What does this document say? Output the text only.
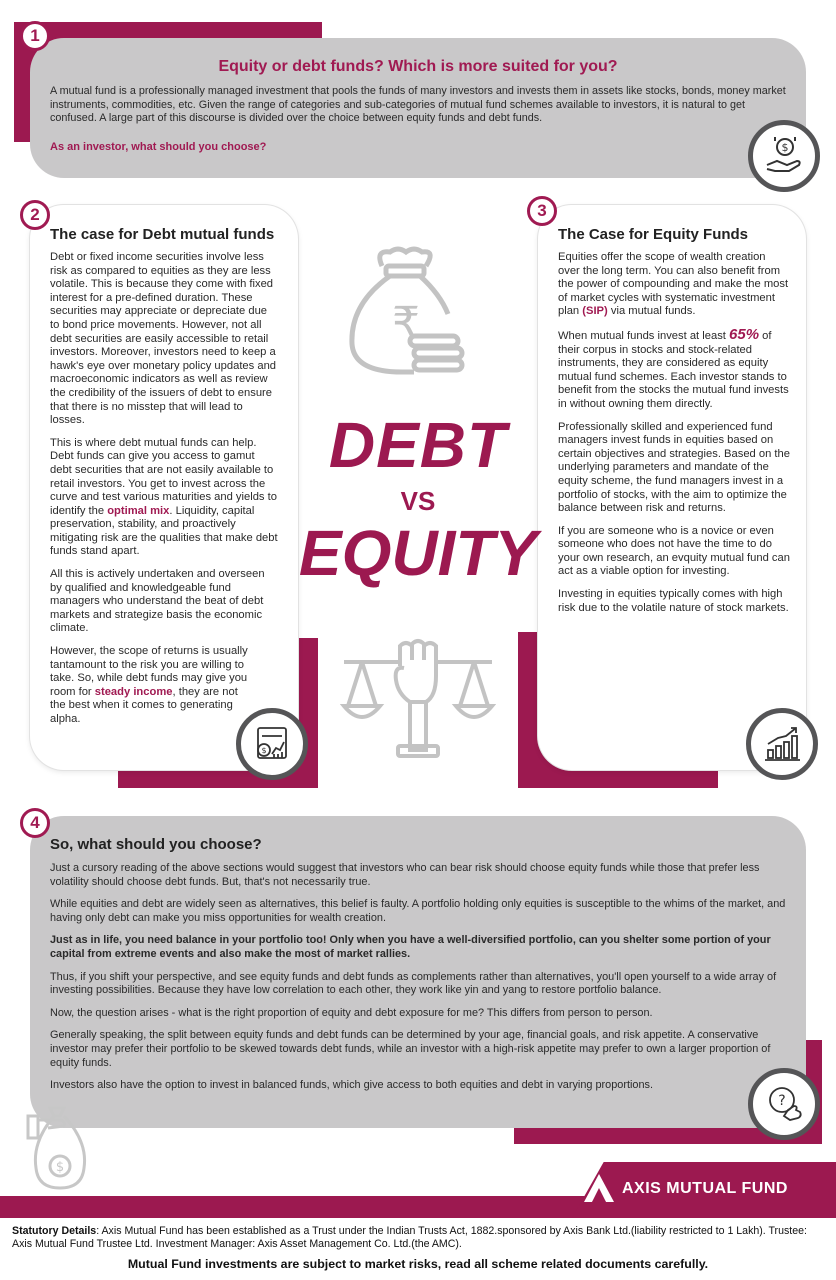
1
Equity or debt funds? Which is more suited for you?

A mutual fund is a professionally managed investment that pools the funds of many investors and invests them in assets like stocks, bonds, money market instruments, commodities, etc. Given the range of categories and sub-categories of mutual fund schemes available to investors, it is natural to get confused. A large part of this discourse is divided over the choice between equity funds and debt funds.

As an investor, what should you choose?	$
2
The case for Debt mutual funds

Debt or fixed income securities involve less risk as compared to equities as they are less volatile. This is because they come with fixed interest for a pre-defined duration. These securities may appreciate or depreciate due to bond price movements. However, not all debt securities are easily accessible to retail investors. Moreover, investors need to keep a hawk's eye over monetary policy updates and macroeconomic indicators as well as review the credibility of the issuers of debt to ensure that there is no misstep that will lead to losses.

This is where debt mutual funds can help. Debt funds can give you access to gamut debt securities that are not easily available to retail investors. You get to invest across the curve and test various maturities and yields to identify the optimal mix. Liquidity, capital preservation, stability, and proactively mitigating risk are the qualities that make debt funds stand apart.

All this is actively undertaken and overseen by qualified and knowledgeable fund managers who understand the beat of debt markets and strategize basis the economic climate.

However, the scope of returns is usually tantamount to the risk you are willing to take. So, while debt funds may give you room for steady income, they are not the best when it comes to generating alpha.

$
3
The Case for Equity Funds

Equities offer the scope of wealth creation over the long term. You can also benefit from the power of compounding and make the most of market cycles with systematic investment plan (SIP) via mutual funds.

When mutual funds invest at least 65% of their corpus in stocks and stock-related instruments, they are considered as equity mutual fund schemes. Each investor stands to benefit from the stocks the mutual fund invests in without owning them directly.

Professionally skilled and experienced fund managers invest funds in equities based on certain objectives and strategies. Based on the underlying parameters and mandate of the equity scheme, the fund managers invest in a portfolio of stocks, with the aim to optimize the balance between risk and returns.

If you are someone who is a novice or even someone who does not have the time to do your own research, an evquity mutual fund can act as a viable option for investing.

Investing in equities typically comes with high risk due to the volatile nature of stock markets.

₹
DEBT
VS
EQUITY
4
So, what should you choose?

Just a cursory reading of the above sections would suggest that investors who can bear risk should choose equity funds while those that prefer less volatility should choose debt funds. But, that's not necessarily true.

While equities and debt are widely seen as alternatives, this belief is faulty. A portfolio holding only equities is susceptible to the whims of the market, and having only debt can make you miss opportunities for wealth creation.

Just as in life, you need balance in your portfolio too! Only when you have a well-diversified portfolio, can you shelter some portion of your capital from extreme events and also make the most of market rallies.

Thus, if you shift your perspective, and see equity funds and debt funds as complements rather than alternatives, you'll open yourself to a wide array of investing possibilities. Because they have low correlation to each other, they work like yin and yang to restore portfolio balance.

Now, the question arises - what is the right proportion of equity and debt exposure for me? This differs from person to person.

Generally speaking, the split between equity funds and debt funds can be determined by your age, financial goals, and risk appetite. A conservative investor may prefer their portfolio to be skewed towards debt funds, while an investor with a high-risk appetite may prefer to own a larger proportion of equity funds.

Investors also have the option to invest in balanced funds, which give access to both equities and debt in varying proportions.

?
$
AXIS MUTUAL FUND

Statutory Details: Axis Mutual Fund has been established as a Trust under the Indian Trusts Act, 1882.sponsored by Axis Bank Ltd.(liability restricted to 1 Lakh). Trustee: Axis Mutual Fund Trustee Ltd. Investment Manager: Axis Asset Management Co. Ltd.(the AMC).

Mutual Fund investments are subject to market risks, read all scheme related documents carefully.
